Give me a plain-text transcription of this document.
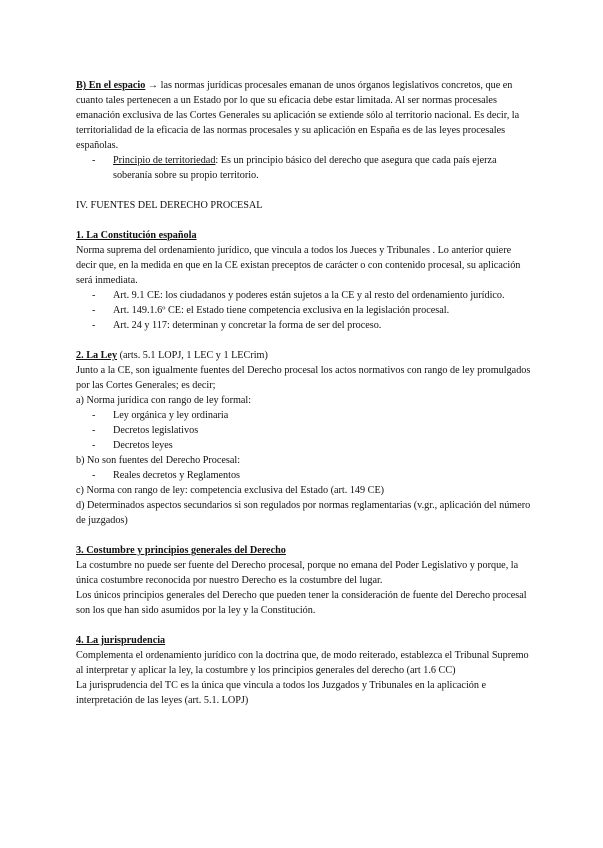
B) En el espacio → las normas jurídicas procesales emanan de unos órganos legislativos concretos, que en cuanto tales pertenecen a un Estado por lo que su eficacia debe estar limitada. Al ser normas procesales emanación exclusiva de las Cortes Generales su aplicación se extiende sólo al territorio nacional. Es decir, la territorialidad de la eficacia de las normas procesales y su aplicación en España es de las leyes procesales españolas.

- Principio de territoriedad: Es un principio básico del derecho que asegura que cada país ejerza soberanía sobre su propio territorio.

IV. FUENTES DEL DERECHO PROCESAL

1. La Constitución española

Norma suprema del ordenamiento jurídico, que vincula a todos los Jueces y Tribunales . Lo anterior quiere decir que, en la medida en que en la CE existan preceptos de carácter o con contenido procesal, su aplicación será inmediata.

- Art. 9.1 CE: los ciudadanos y poderes están sujetos a la CE y al resto del ordenamiento jurídico.

- Art. 149.1.6º CE: el Estado tiene competencia exclusiva en la legislación procesal.

- Art. 24 y 117: determinan y concretar la forma de ser del proceso.

2. La Ley (arts. 5.1 LOPJ, 1 LEC y 1 LECrim)

Junto a la CE, son igualmente fuentes del Derecho procesal los actos normativos con rango de ley promulgados por las Cortes Generales; es decir;

a) Norma jurídica con rango de ley formal:

- Ley orgánica y ley ordinaria

- Decretos legislativos

- Decretos leyes

b) No son fuentes del Derecho Procesal:

- Reales decretos y Reglamentos

c) Norma con rango de ley: competencia exclusiva del Estado (art. 149 CE)

d) Determinados aspectos secundarios si son regulados por normas reglamentarias (v.gr., aplicación del número de juzgados)

3. Costumbre y principios generales del Derecho

La costumbre no puede ser fuente del Derecho procesal, porque no emana del Poder Legislativo y porque, la única costumbre reconocida por nuestro Derecho es la costumbre del lugar.

Los únicos principios generales del Derecho que pueden tener la consideración de fuente del Derecho procesal son los que han sido asumidos por la ley y la Constitución.

4. La jurisprudencia

Complementa el ordenamiento jurídico con la doctrina que, de modo reiterado, establezca el Tribunal Supremo al interpretar y aplicar la ley, la costumbre y los principios generales del derecho (art 1.6 CC)

La jurisprudencia del TC es la única que vincula a todos los Juzgados y Tribunales en la aplicación e interpretación de las leyes (art. 5.1. LOPJ)
